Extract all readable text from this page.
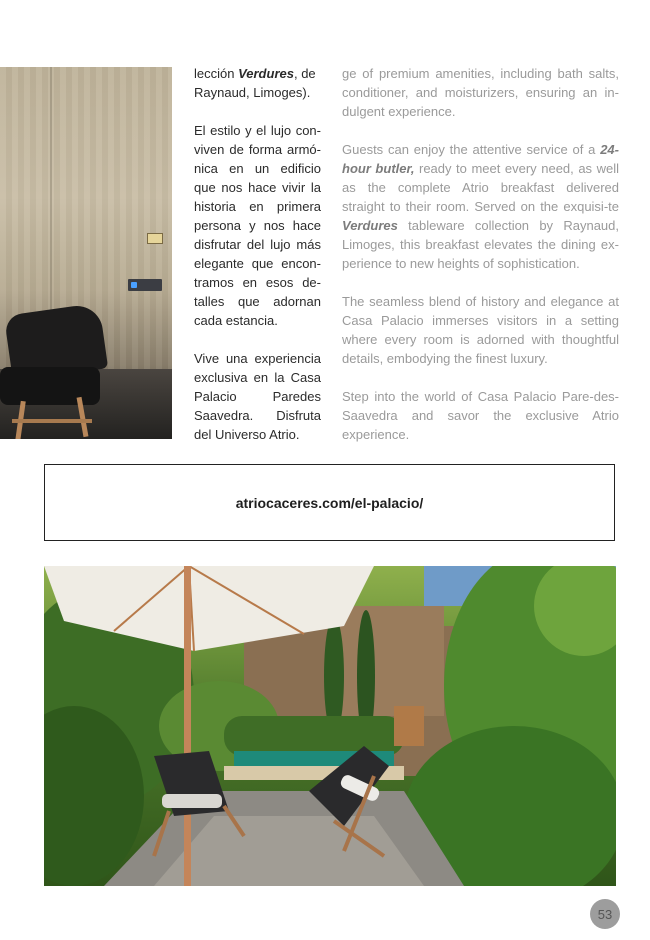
lección Verdures, de
Raynaud, Limoges).

El estilo y el lujo con-viven de forma armó-nica en un edificio que nos hace vivir la historia en primera persona y nos hace disfrutar del lujo más elegante que encon-tramos en esos de-talles que adornan cada estancia.

Vive una experiencia exclusiva en la Casa Palacio Paredes Saavedra. Disfruta del Universo Atrio.

ge of premium amenities, including bath salts, conditioner, and moisturizers, ensuring an in-dulgent experience.

Guests can enjoy the attentive service of a 24-hour butler, ready to meet every need, as well as the complete Atrio breakfast delivered straight to their room. Served on the exquisi-te Verdures tableware collection by Raynaud, Limoges, this breakfast elevates the dining ex-perience to new heights of sophistication.

The seamless blend of history and elegance at Casa Palacio immerses visitors in a setting where every room is adorned with thoughtful details, embodying the finest luxury.

Step into the world of Casa Palacio Pare-des-Saavedra and savor the exclusive Atrio experience.

atriocaceres.com/el-palacio/
53
